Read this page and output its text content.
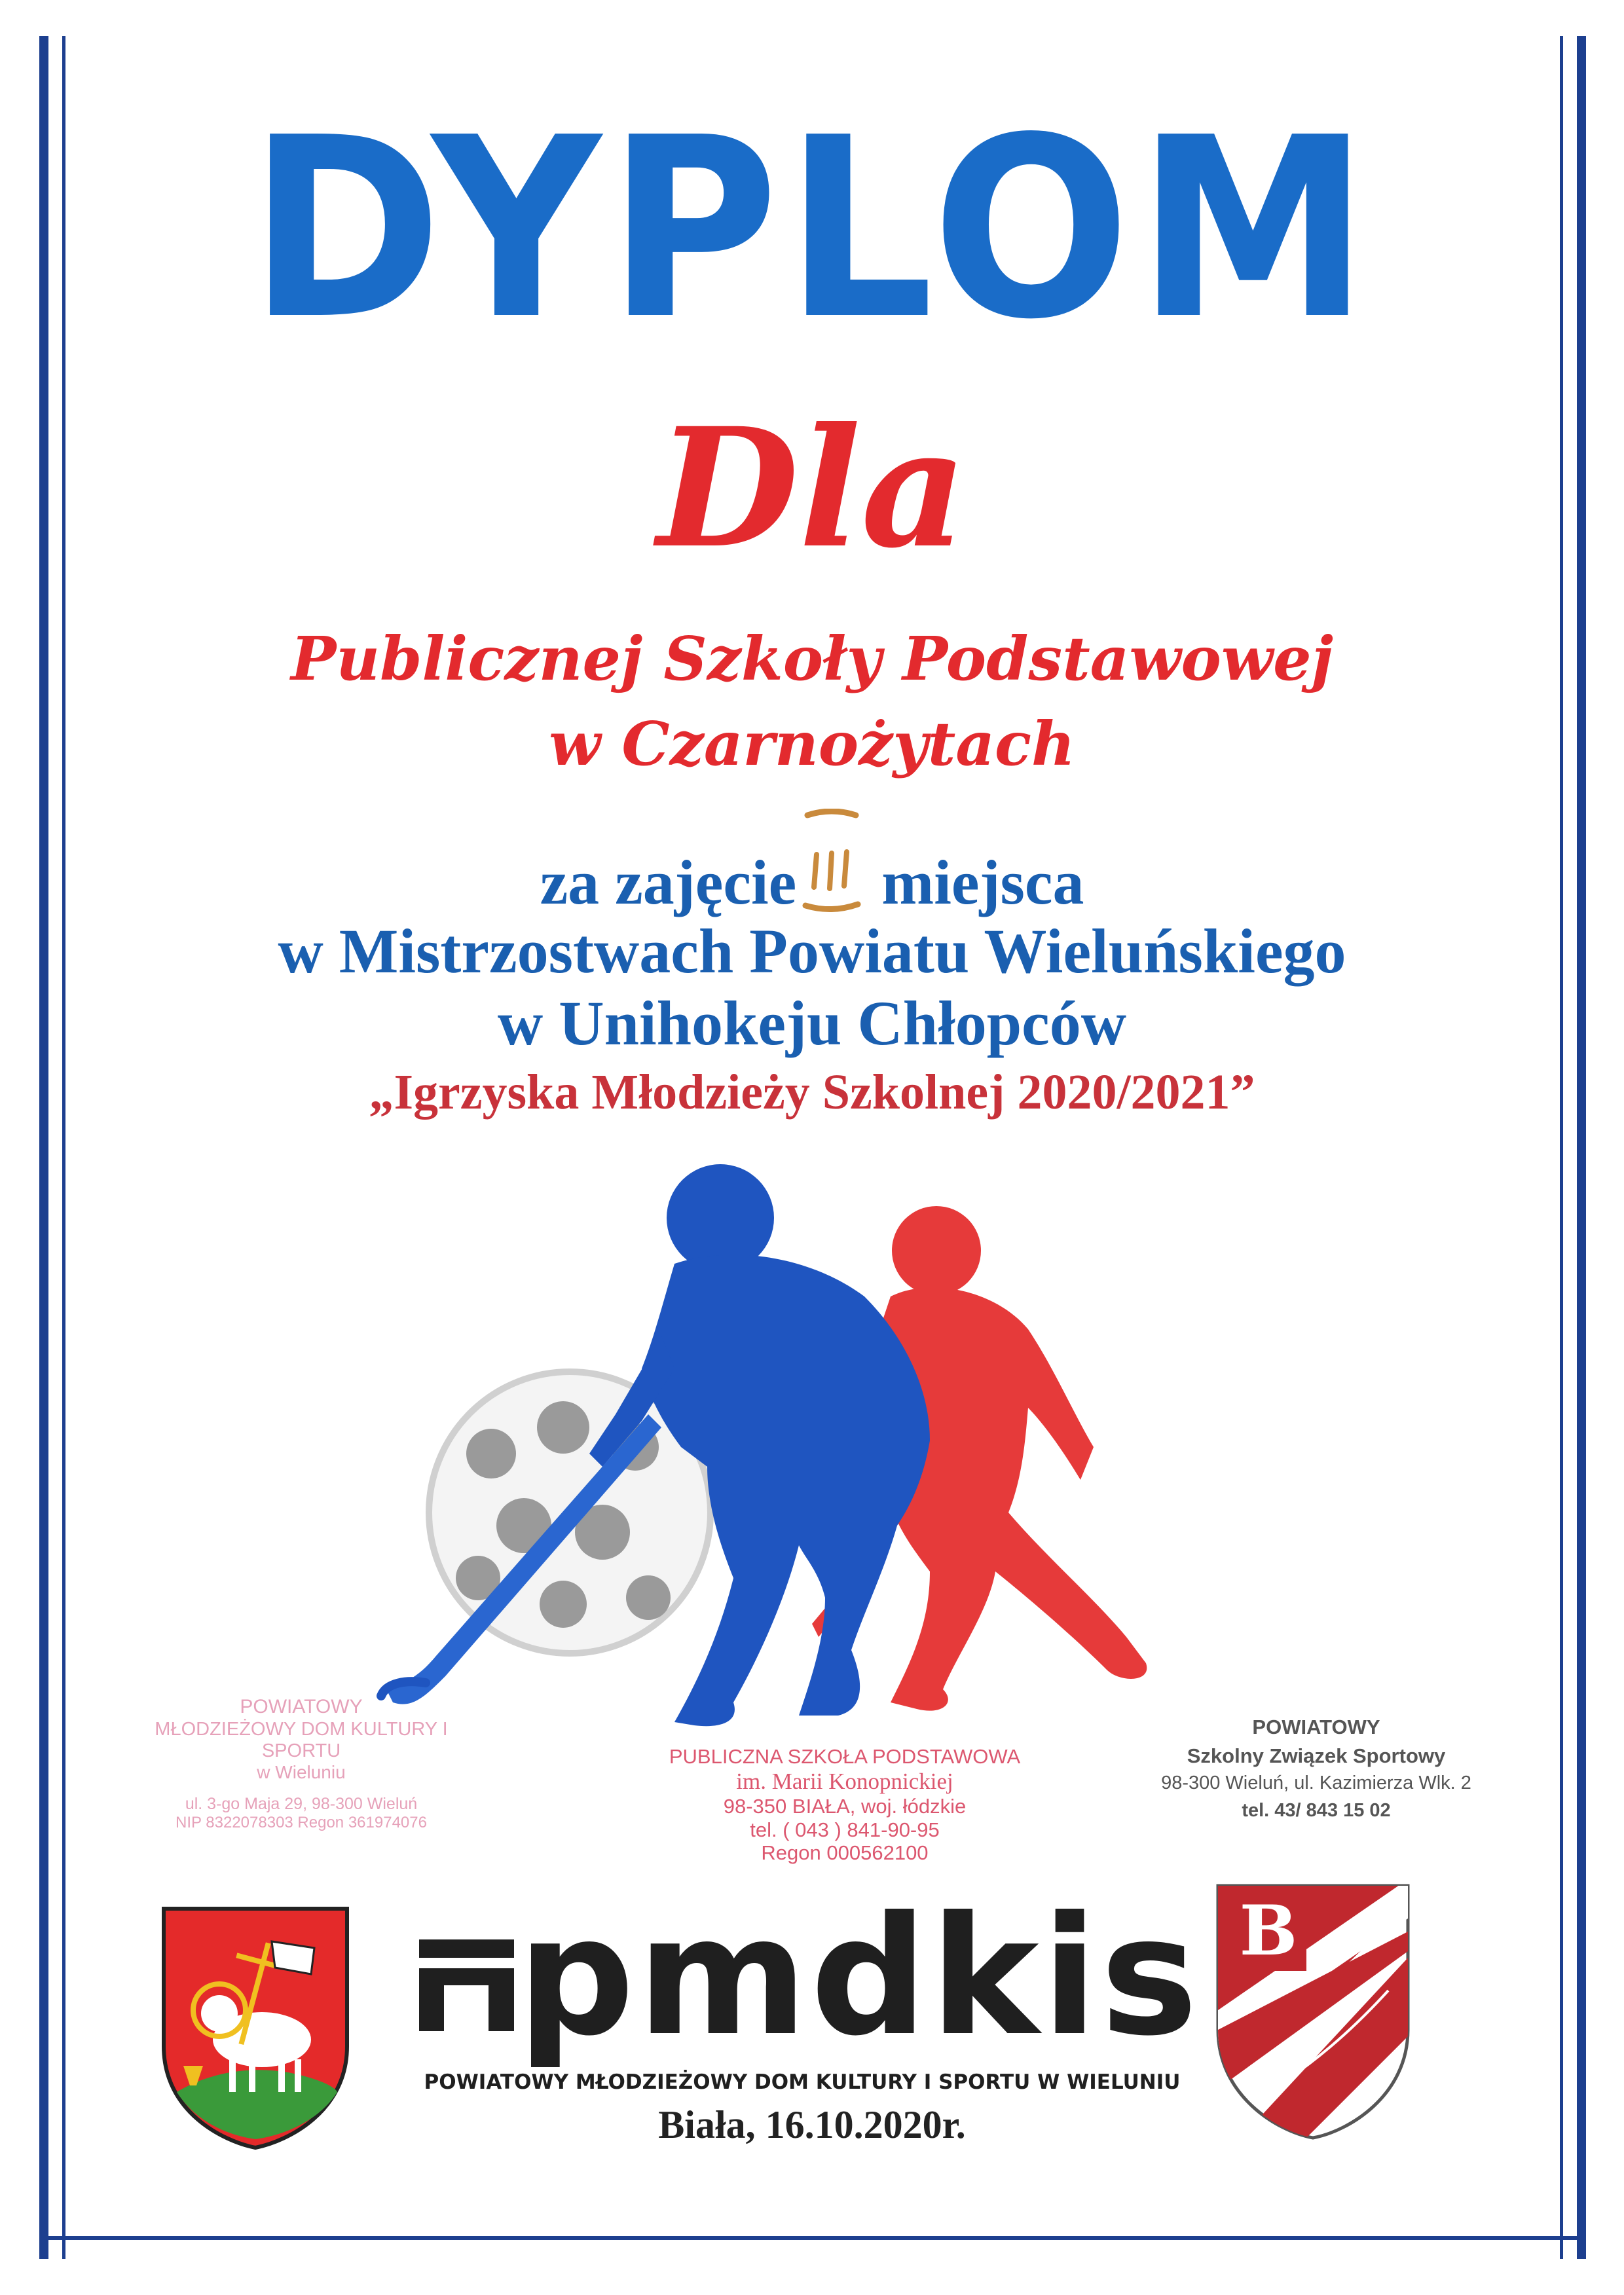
DYPLOM
Dla
Publicznej Szkoły Podstawowej
w Czarnożytach
za zajęcie miejsca
w Mistrzostwach Powiatu Wieluńskiego
w Unihokeju Chłopców
„Igrzyska Młodzieży Szkolnej 2020/2021”
POWIATOWY
MŁODZIEŻOWY DOM KULTURY I SPORTU
w Wieluniu
ul. 3-go Maja 29, 98-300 Wieluń
NIP 8322078303 Regon 361974076
PUBLICZNA SZKOŁA PODSTAWOWA
im. Marii Konopnickiej
98-350 BIAŁA, woj. łódzkie
tel. ( 043 ) 841-90-95
Regon 000562100
POWIATOWY
Szkolny Związek Sportowy
98-300 Wieluń, ul. Kazimierza Wlk. 2
tel. 43/ 843 15 02
pmdkis
POWIATOWY MŁODZIEŻOWY DOM KULTURY I SPORTU W WIELUNIU
B
Biała, 16.10.2020r.
